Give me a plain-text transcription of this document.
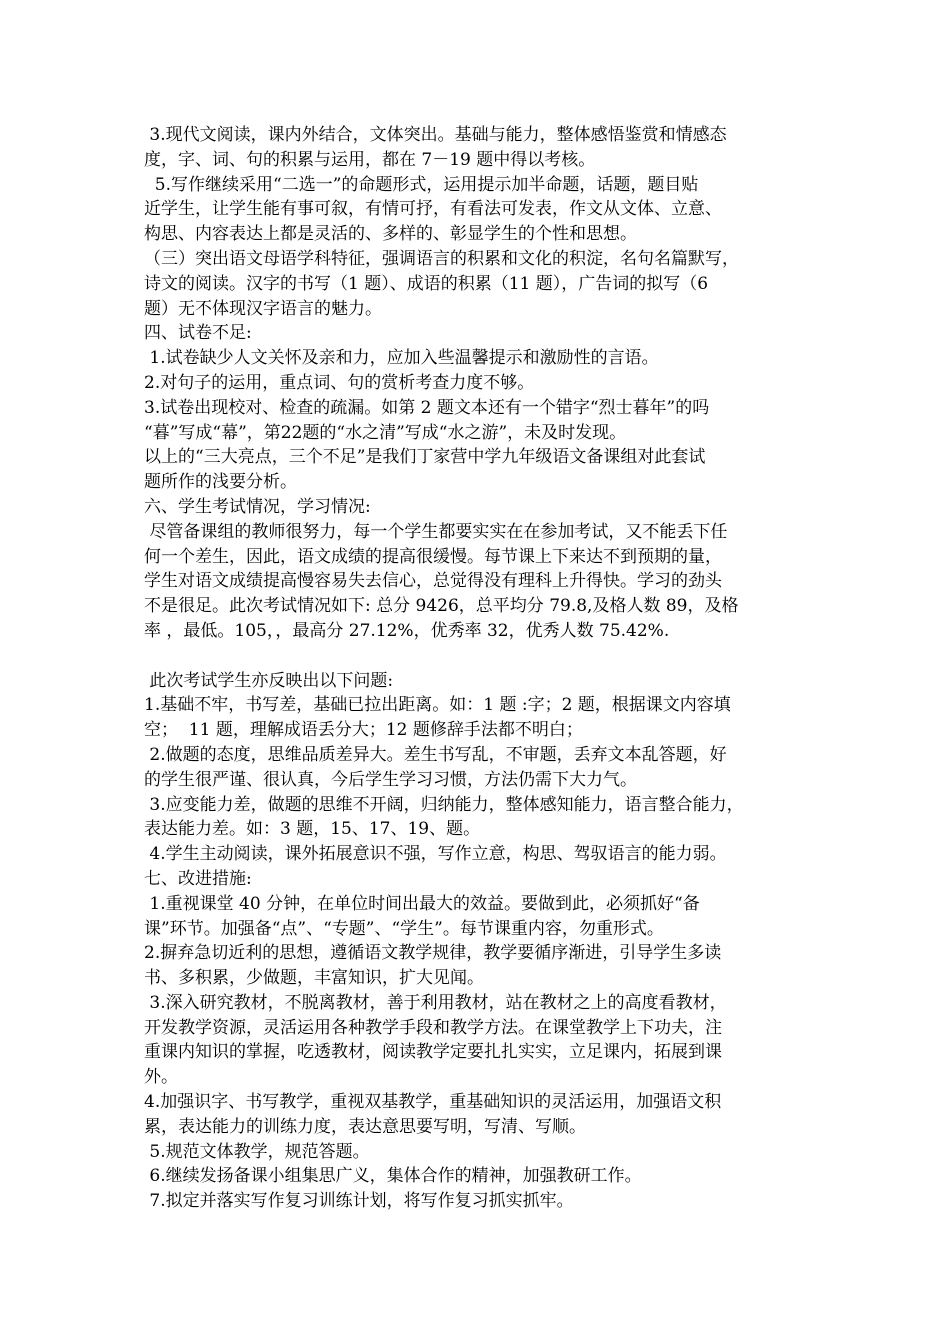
3.现代文阅读，课内外结合，文体突出。基础与能力，整体感悟鉴赏和情感态
度，字、词、句的积累与运用，都在 7－19 题中得以考核。
5.写作继续采用“二选一”的命题形式，运用提示加半命题，话题，题目贴
近学生，让学生能有事可叙，有情可抒，有看法可发表，作文从文体、立意、
构思、内容表达上都是灵活的、多样的、彰显学生的个性和思想。
（三）突出语文母语学科特征，强调语言的积累和文化的积淀，名句名篇默写，
诗文的阅读。汉字的书写（1 题）、成语的积累（11 题），广告词的拟写（6
题）无不体现汉字语言的魅力。
四、试卷不足:
1.试卷缺少人文关怀及亲和力，应加入些温馨提示和激励性的言语。
2.对句子的运用，重点词、句的赏析考查力度不够。
3.试卷出现校对、检查的疏漏。如第 2 题文本还有一个错字“烈士暮年”的吗
“暮”写成“幕”，第22题的“水之清”写成“水之游”，未及时发现。
以上的“三大亮点，三个不足”是我们丁家营中学九年级语文备课组对此套试
题所作的浅要分析。
六、学生考试情况，学习情况:
尽管备课组的教师很努力，每一个学生都要实实在在参加考试，又不能丢下任
何一个差生，因此，语文成绩的提高很缓慢。每节课上下来达不到预期的量，
学生对语文成绩提高慢容易失去信心，总觉得没有理科上升得快。学习的劲头
不是很足。此次考试情况如下: 总分 9426，总平均分 79.8,及格人数 89，及格
率 ，最低。105，，最高分 27.12%，优秀率 32，优秀人数 75.42%.
此次考试学生亦反映出以下问题:
1.基础不牢，书写差，基础已拉出距离。如：1 题 :字；2 题，根据课文内容填
空；  11 题，理解成语丢分大；12 题修辞手法都不明白；
2.做题的态度，思维品质差异大。差生书写乱，不审题，丢弃文本乱答题，好
的学生很严谨、很认真，今后学生学习习惯，方法仍需下大力气。
3.应变能力差，做题的思维不开阔，归纳能力，整体感知能力，语言整合能力，
表达能力差。如：3 题，15、17、19、题。
4.学生主动阅读，课外拓展意识不强，写作立意，构思、驾驭语言的能力弱。
七、改进措施:
1.重视课堂 40 分钟，在单位时间出最大的效益。要做到此，必须抓好“备
课”环节。加强备“点”、“专题”、“学生”。每节课重内容，勿重形式。
2.摒弃急切近利的思想，遵循语文教学规律，教学要循序渐进，引导学生多读
书、多积累，少做题，丰富知识，扩大见闻。
3.深入研究教材，不脱离教材，善于利用教材，站在教材之上的高度看教材，
开发教学资源，灵活运用各种教学手段和教学方法。在课堂教学上下功夫，注
重课内知识的掌握，吃透教材，阅读教学定要扎扎实实，立足课内，拓展到课
外。
4.加强识字、书写教学，重视双基教学，重基础知识的灵活运用，加强语文积
累，表达能力的训练力度，表达意思要写明，写清、写顺。
5.规范文体教学，规范答题。
6.继续发扬备课小组集思广义，集体合作的精神，加强教研工作。
7.拟定并落实写作复习训练计划，将写作复习抓实抓牢。
